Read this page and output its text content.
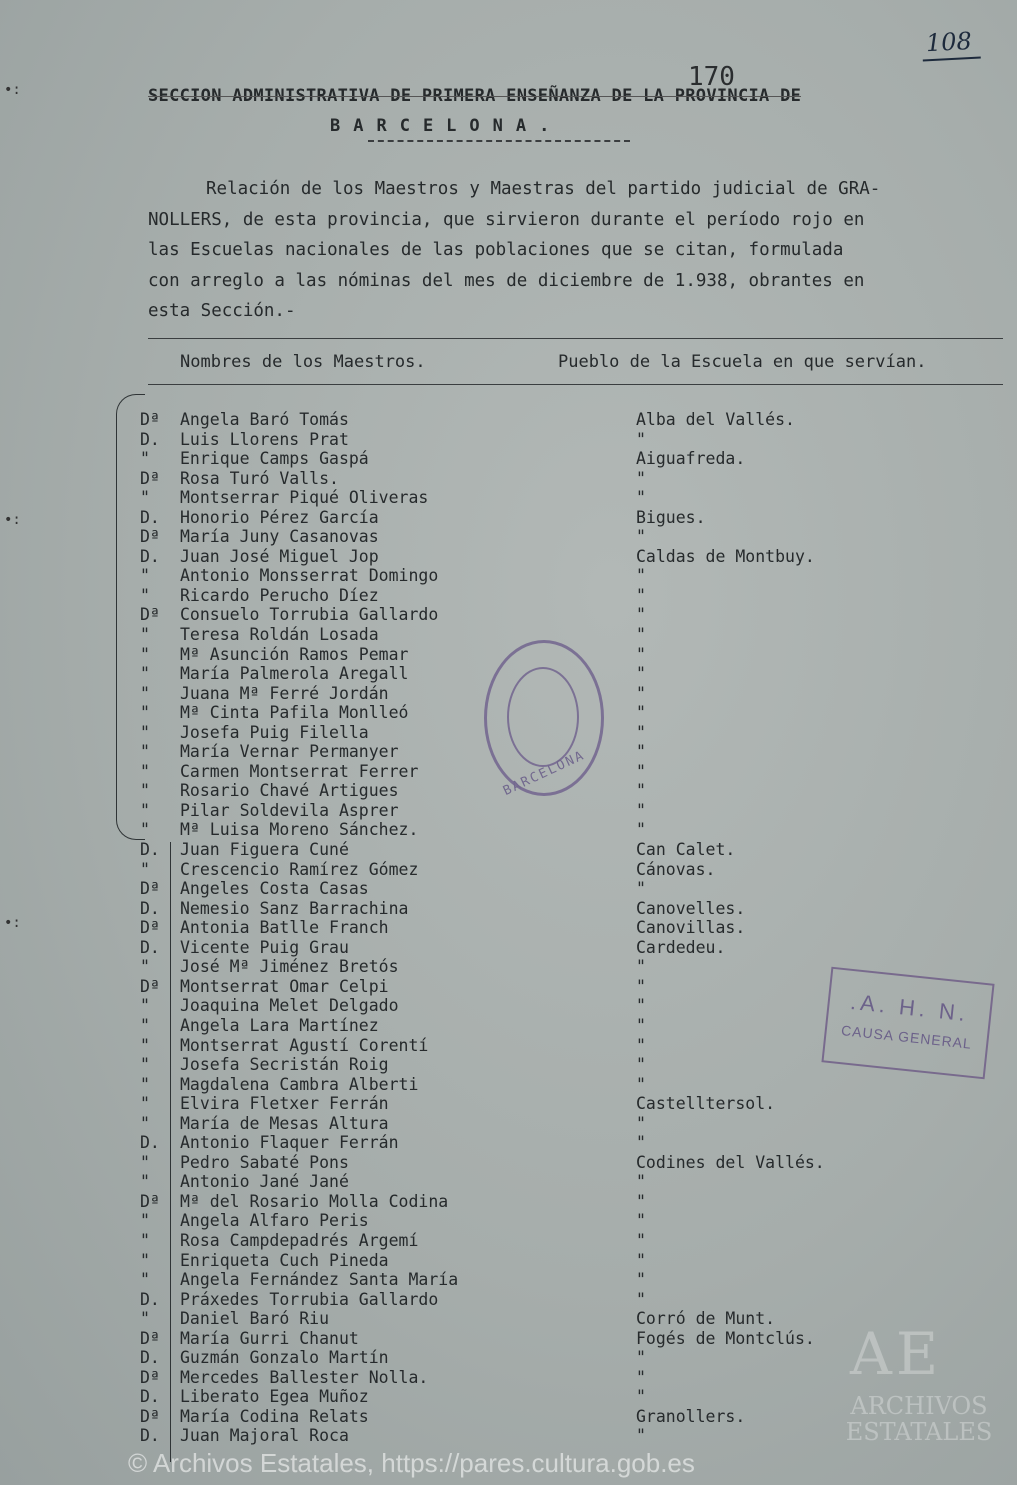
108
170
SECCION ADMINISTRATIVA DE PRIMERA ENSEÑANZA DE LA PROVINCIA DE
BARCELONA.
Relación de los Maestros y Maestras del partido judicial de GRA-
NOLLERS, de esta provincia, que sirvieron durante el período rojo en
las Escuelas nacionales de las poblaciones que se citan, formulada
con arreglo a las nóminas del mes de diciembre de 1.938, obrantes en
esta Sección.-
Nombres de los Maestros.	Pueblo de la Escuela en que servían.
Dª	Angela Baró Tomás	Alba del Vallés.
D.	Luis Llorens Prat	"
"	Enrique Camps Gaspá	Aiguafreda.
Dª	Rosa Turó Valls.	"
"	Montserrar Piqué Oliveras	"
D.	Honorio Pérez García	Bigues.
Dª	María Juny Casanovas	"
D.	Juan José Miguel Jop	Caldas de Montbuy.
"	Antonio Monsserrat Domingo	"
"	Ricardo Perucho Díez	"
Dª	Consuelo Torrubia Gallardo	"
"	Teresa Roldán Losada	"
"	Mª Asunción Ramos Pemar	"
"	María Palmerola Aregall	"
"	Juana Mª Ferré Jordán	"
"	Mª Cinta Pafila Monlleó	"
"	Josefa Puig Filella	"
"	María Vernar Permanyer	"
"	Carmen Montserrat Ferrer	"
"	Rosario Chavé Artigues	"
"	Pilar Soldevila Asprer	"
"	Mª Luisa Moreno Sánchez.	"
D.	Juan Figuera Cuné	Can Calet.
"	Crescencio Ramírez Gómez	Cánovas.
Dª	Angeles Costa Casas	"
D.	Nemesio Sanz Barrachina	Canovelles.
Dª	Antonia Batlle Franch	Canovillas.
D.	Vicente Puig Grau	Cardedeu.
"	José Mª Jiménez Bretós	"
Dª	Montserrat Omar Celpi	"
"	Joaquina Melet Delgado	"
"	Angela Lara Martínez	"
"	Montserrat Agustí Corentí	"
"	Josefa Secristán Roig	"
"	Magdalena Cambra Alberti	"
"	Elvira Fletxer Ferrán	Castelltersol.
"	María de Mesas Altura	"
D.	Antonio Flaquer Ferrán	"
"	Pedro Sabaté Pons	Codines del Vallés.
"	Antonio Jané Jané	"
Dª	Mª del Rosario Molla Codina	"
"	Angela Alfaro Peris	"
"	Rosa Campdepadrés Argemí	"
"	Enriqueta Cuch Pineda	"
"	Angela Fernández Santa María	"
D.	Práxedes Torrubia Gallardo	"
"	Daniel Baró Riu	Corró de Munt.
Dª	María Gurri Chanut	Fogés de Montclús.
D.	Guzmán Gonzalo Martín	"
Dª	Mercedes Ballester Nolla.	"
D.	Liberato Egea Muñoz	"
Dª	María Codina Relats	Granollers.
D.	Juan Majoral Roca	"
BARCELONA
.A. H. N.
CAUSA GENERAL
•:
•:
•:
AE
ARCHIVOS ESTATALES
© Archivos Estatales, https://pares.cultura.gob.es
